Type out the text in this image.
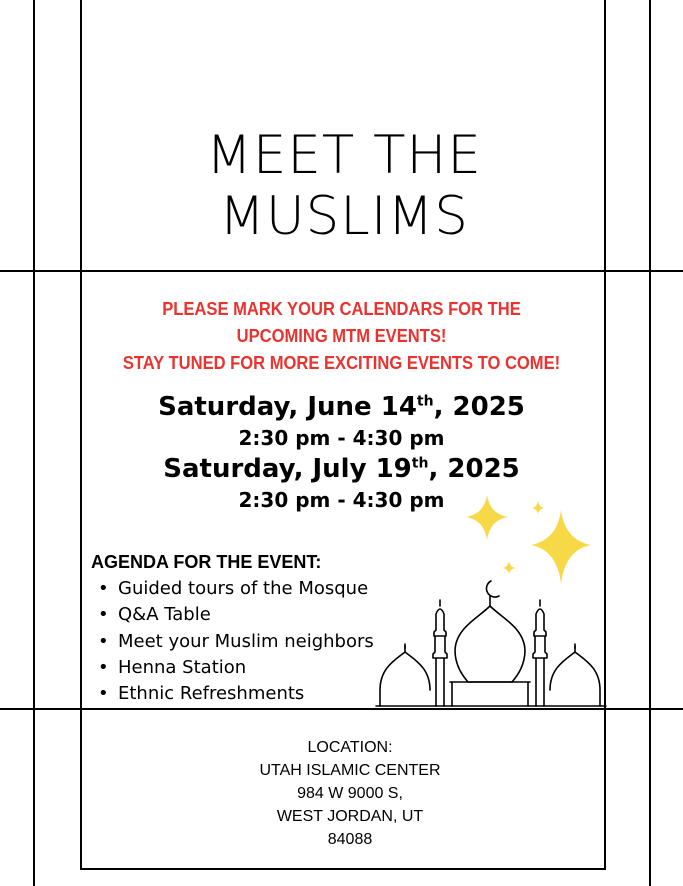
MEET THE
MUSLIMS
PLEASE MARK YOUR CALENDARS FOR THE
UPCOMING MTM EVENTS!
STAY TUNED FOR MORE EXCITING EVENTS TO COME!
Saturday, June 14th, 2025
2:30 pm - 4:30 pm
Saturday, July 19th, 2025
2:30 pm - 4:30 pm
AGENDA FOR THE EVENT:
• Guided tours of the Mosque
• Q&A Table
• Meet your Muslim neighbors
• Henna Station
• Ethnic Refreshments
LOCATION:
UTAH ISLAMIC CENTER
984 W 9000 S,
WEST JORDAN, UT
84088
